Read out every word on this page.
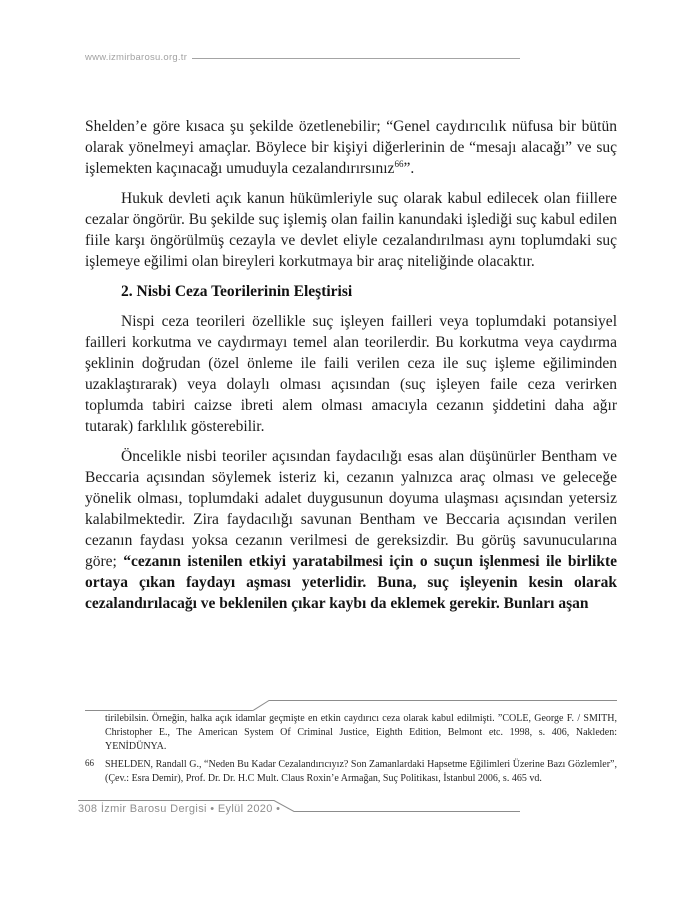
www.izmirbarosu.org.tr

Shelden’e göre kısaca şu şekilde özetlenebilir; “Genel caydırıcılık nüfusa bir bütün olarak yönelmeyi amaçlar. Böylece bir kişiyi diğerlerinin de “mesajı alacağı” ve suç işlemekten kaçınacağı umuduyla cezalandırırsınız$^{66}$”.

Hukuk devleti açık kanun hükümleriyle suç olarak kabul edilecek olan fiillere cezalar öngörür. Bu şekilde suç işlemiş olan failin kanundaki işlediği suç kabul edilen fiile karşı öngörülmüş cezayla ve devlet eliyle cezalandırılması aynı toplumdaki suç işlemeye eğilimi olan bireyleri korkutmaya bir araç niteliğinde olacaktır.

2. Nisbi Ceza Teorilerinin Eleştirisi

Nispi ceza teorileri özellikle suç işleyen failleri veya toplumdaki potansiyel failleri korkutma ve caydırmayı temel alan teorilerdir. Bu korkutma veya caydırma şeklinin doğrudan (özel önleme ile faili verilen ceza ile suç işleme eğiliminden uzaklaştırarak) veya dolaylı olması açısından (suç işleyen faile ceza verirken toplumda tabiri caizse ibreti alem olması amacıyla cezanın şiddetini daha ağır tutarak) farklılık gösterebilir.

Öncelikle nisbi teoriler açısından faydacılığı esas alan düşünürler Bentham ve Beccaria açısından söylemek isteriz ki, cezanın yalnızca araç olması ve geleceğe yönelik olması, toplumdaki adalet duygusunun doyuma ulaşması açısından yetersiz kalabilmektedir. Zira faydacılığı savunan Bentham ve Beccaria açısından verilen cezanın faydası yoksa cezanın verilmesi de gereksizdir. Bu görüş savunucularına göre; “cezanın istenilen etkiyi yaratabilmesi için o suçun işlenmesi ile birlikte ortaya çıkan faydayı aşması yeterlidir. Buna, suç işleyenin kesin olarak cezalandırılacağı ve beklenilen çıkar kaybı da eklemek gerekir. Bunları aşan

tirilebilsin. Örneğin, halka açık idamlar geçmişte en etkin caydırıcı ceza olarak kabul edilmişti. ”COLE, George F. / SMITH, Christopher E., The American System Of Criminal Justice, Eighth Edition, Belmont etc. 1998, s. 406, Nakleden: YENİDÜNYA.
66 SHELDEN, Randall G., “Neden Bu Kadar Cezalandırıcıyız? Son Zamanlardaki Hapsetme Eğilimleri Üzerine Bazı Gözlemler”, (Çev.: Esra Demir), Prof. Dr. Dr. H.C Mult. Claus Roxin’e Armağan, Suç Politikası, İstanbul 2006, s. 465 vd.
308 İzmir Barosu Dergisi • Eylül 2020 •
